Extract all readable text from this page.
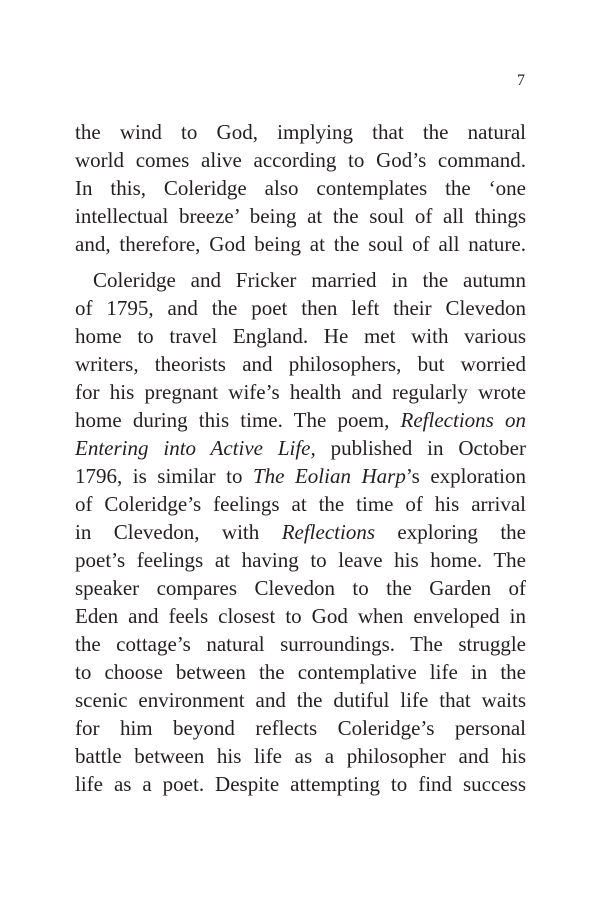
7

the wind to God, implying that the natural
world comes alive according to God’s command.
In this, Coleridge also contemplates the ‘one
intellectual breeze’ being at the soul of all things
and, therefore, God being at the soul of all nature.

Coleridge and Fricker married in the autumn
of 1795, and the poet then left their Clevedon
home to travel England. He met with various
writers, theorists and philosophers, but worried
for his pregnant wife’s health and regularly wrote
home during this time. The poem, Reflections on
Entering into Active Life, published in October
1796, is similar to The Eolian Harp’s exploration
of Coleridge’s feelings at the time of his arrival
in Clevedon, with Reflections exploring the
poet’s feelings at having to leave his home. The
speaker compares Clevedon to the Garden of
Eden and feels closest to God when enveloped in
the cottage’s natural surroundings. The struggle
to choose between the contemplative life in the
scenic environment and the dutiful life that waits
for him beyond reflects Coleridge’s personal
battle between his life as a philosopher and his
life as a poet. Despite attempting to find success
